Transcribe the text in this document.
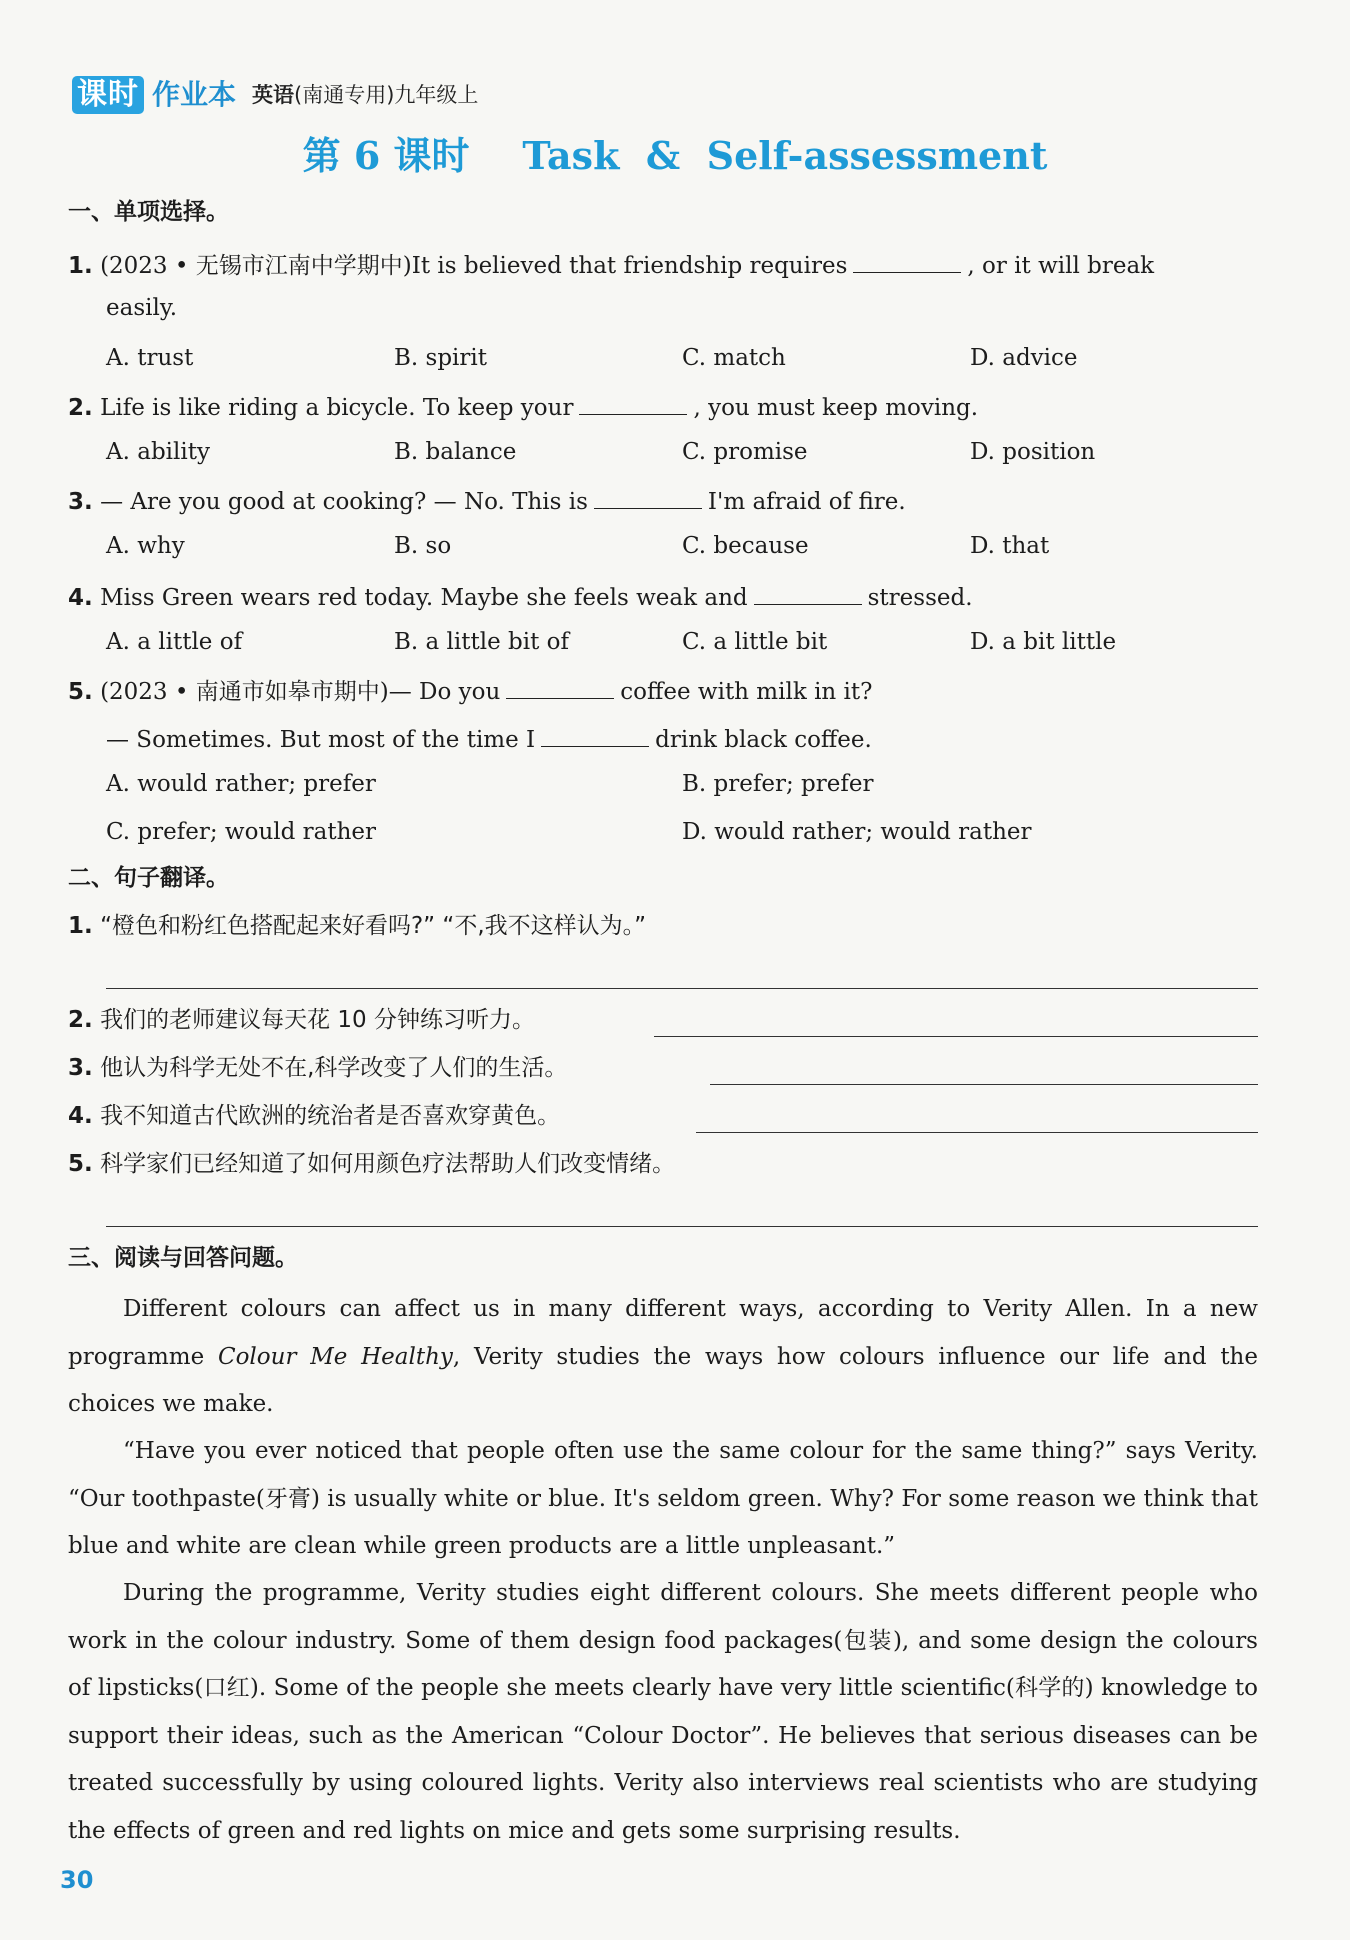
课时 作业本 英语(南通专用)九年级上
第 6 课时    Task  &  Self-assessment
一、单项选择。
1. (2023 • 无锡市江南中学期中)It is believed that friendship requires	, or it will break
easily.
A. trust	B. spirit	C. match	D. advice
2. Life is like riding a bicycle. To keep your	, you must keep moving.
A. ability	B. balance	C. promise	D. position
3. — Are you good at cooking? — No. This is	I'm afraid of fire.
A. why	B. so	C. because	D. that
4. Miss Green wears red today. Maybe she feels weak and	stressed.
A. a little of	B. a little bit of	C. a little bit	D. a bit little
5. (2023 • 南通市如皋市期中)— Do you	coffee with milk in it?
— Sometimes. But most of the time I	drink black coffee.
A. would rather; prefer	B. prefer; prefer
C. prefer; would rather	D. would rather; would rather
二、句子翻译。
1. “橙色和粉红色搭配起来好看吗?” “不,我不这样认为。”
2. 我们的老师建议每天花 10 分钟练习听力。
3. 他认为科学无处不在,科学改变了人们的生活。
4. 我不知道古代欧洲的统治者是否喜欢穿黄色。
5. 科学家们已经知道了如何用颜色疗法帮助人们改变情绪。
三、阅读与回答问题。
Different colours can affect us in many different ways, according to Verity Allen. In a new programme Colour Me Healthy, Verity studies the ways how colours influence our life and the choices we make.
“Have you ever noticed that people often use the same colour for the same thing?” says Verity. “Our toothpaste(牙膏) is usually white or blue. It's seldom green. Why? For some reason we think that blue and white are clean while green products are a little unpleasant.”
During the programme, Verity studies eight different colours. She meets different people who work in the colour industry. Some of them design food packages(包装), and some design the colours of lipsticks(口红). Some of the people she meets clearly have very little scientific(科学的) knowledge to support their ideas, such as the American “Colour Doctor”. He believes that serious diseases can be treated successfully by using coloured lights. Verity also interviews real scientists who are studying the effects of green and red lights on mice and gets some surprising results.
30
